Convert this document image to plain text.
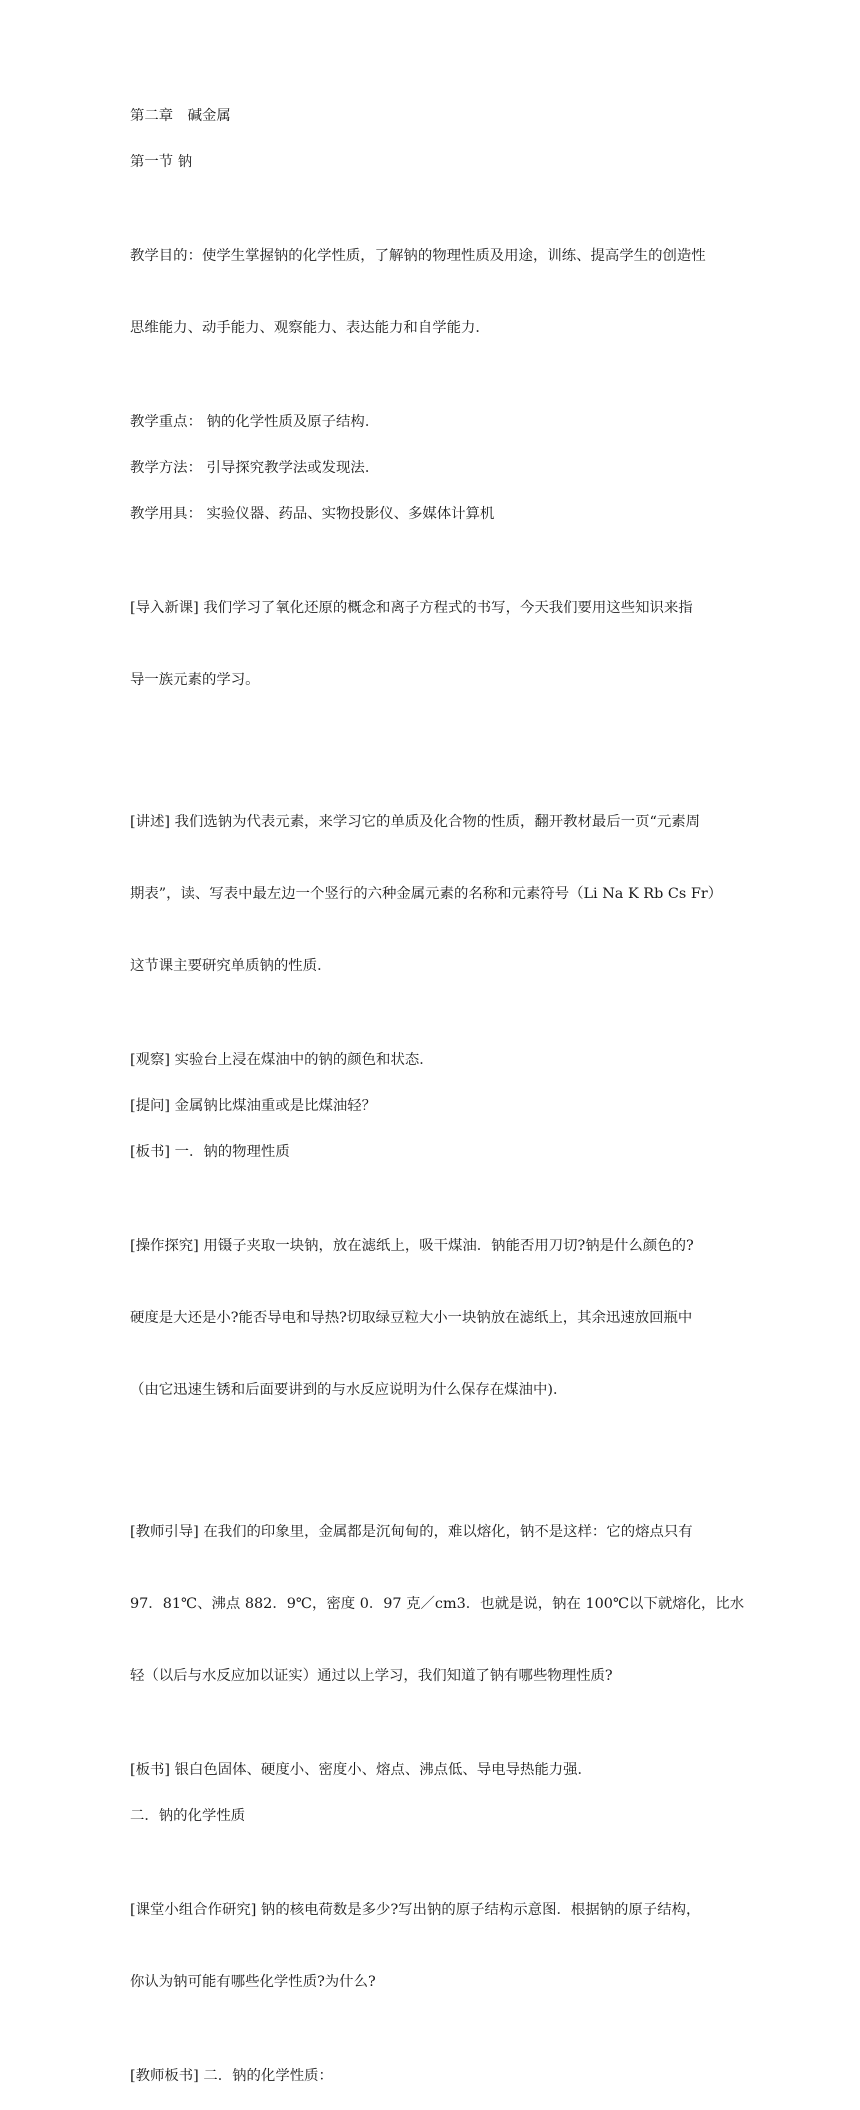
第二章　碱金属
第一节 钠

教学目的：使学生掌握钠的化学性质，了解钠的物理性质及用途，训练、提高学生的创造性

思维能力、动手能力、观察能力、表达能力和自学能力．

教学重点： 钠的化学性质及原子结构．
教学方法： 引导探究教学法或发现法．
教学用具： 实验仪器、药品、实物投影仪、多媒体计算机

[导入新课] 我们学习了氧化还原的概念和离子方程式的书写，今天我们要用这些知识来指

导一族元素的学习。

[讲述] 我们选钠为代表元素，来学习它的单质及化合物的性质，翻开教材最后一页“元素周

期表”，读、写表中最左边一个竖行的六种金属元素的名称和元素符号（Li Na K Rb Cs Fr）

这节课主要研究单质钠的性质．

[观察] 实验台上浸在煤油中的钠的颜色和状态．
[提问] 金属钠比煤油重或是比煤油轻？
[板书] 一．钠的物理性质

[操作探究] 用镊子夹取一块钠，放在滤纸上，吸干煤油．钠能否用刀切?钠是什么颜色的?

硬度是大还是小?能否导电和导热?切取绿豆粒大小一块钠放在滤纸上，其余迅速放回瓶中

（由它迅速生锈和后面要讲到的与水反应说明为什么保存在煤油中)．

[教师引导] 在我们的印象里，金属都是沉甸甸的，难以熔化，钠不是这样：它的熔点只有

97．81℃、沸点 882．9℃，密度 0．97 克／cm3．也就是说，钠在 100℃以下就熔化，比水

轻（以后与水反应加以证实）通过以上学习，我们知道了钠有哪些物理性质?

[板书] 银白色固体、硬度小、密度小、熔点、沸点低、导电导热能力强．
二．钠的化学性质

[课堂小组合作研究] 钠的核电荷数是多少?写出钠的原子结构示意图．根据钠的原子结构，

你认为钠可能有哪些化学性质?为什么?

[教师板书] 二．钠的化学性质：
